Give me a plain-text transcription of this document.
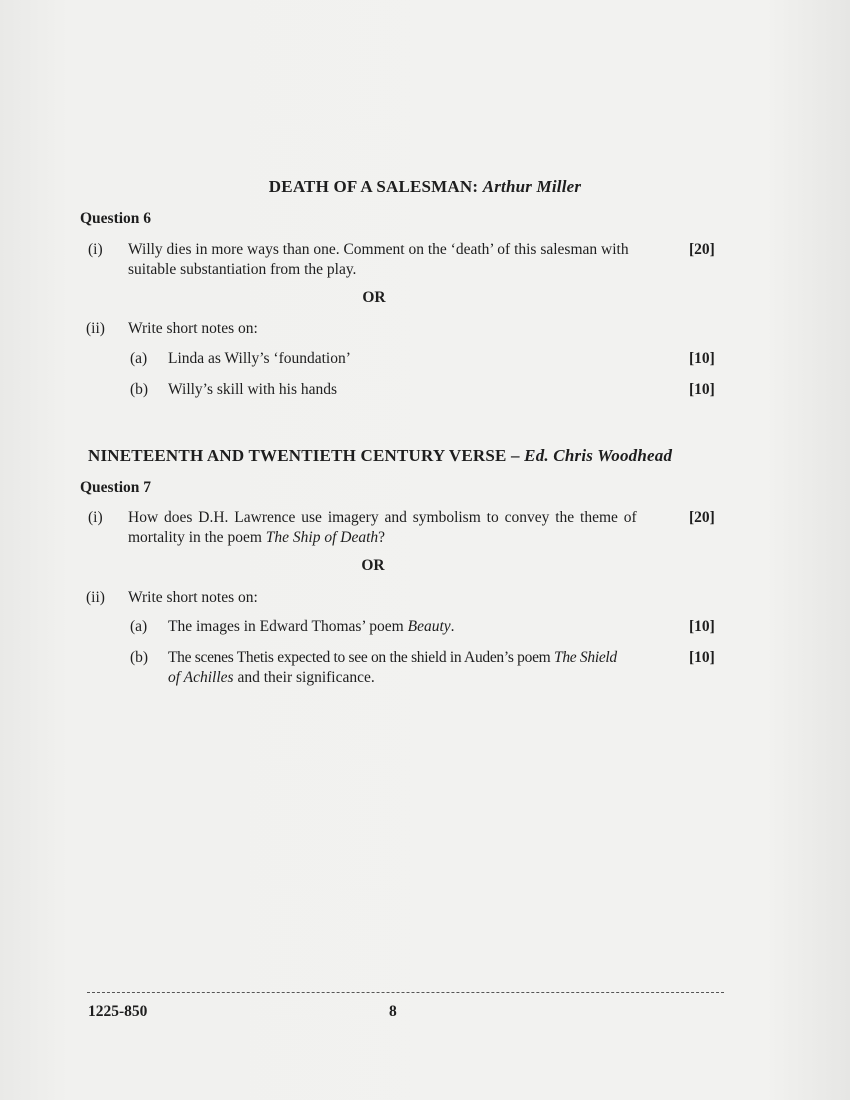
DEATH OF A SALESMAN: Arthur Miller
Question 6
(i) Willy dies in more ways than one. Comment on the ‘death’ of this salesman with
suitable substantiation from the play.
[20]
OR
(ii) Write short notes on:
(a) Linda as Willy’s ‘foundation’	[10]
(b) Willy’s skill with his hands	[10]
NINETEENTH AND TWENTIETH CENTURY VERSE – Ed. Chris Woodhead
Question 7
(i) How does D.H. Lawrence use imagery and symbolism to convey the theme of
mortality in the poem The Ship of Death?
[20]
OR
(ii) Write short notes on:
(a) The images in Edward Thomas’ poem Beauty.	[10]
(b) The scenes Thetis expected to see on the shield in Auden’s poem The Shield
of Achilles and their significance.
[10]
1225-850	8
